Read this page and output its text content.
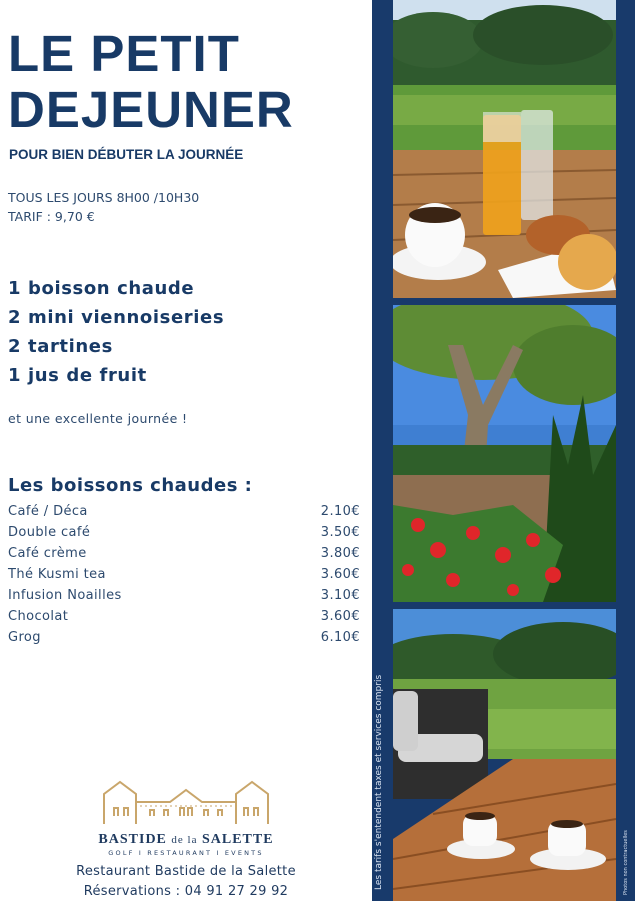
LE PETIT
DEJEUNER
POUR BIEN DÉBUTER LA JOURNÉE
TOUS LES JOURS 8H00 /10H30
TARIF : 9,70 €
1 boisson chaude
2 mini viennoiseries
2 tartines
1 jus de fruit
et une excellente journée !
Les boissons chaudes :
Café / Déca	2.10€
Double café	3.50€
Café crème	3.80€
Thé Kusmi tea	3.60€
Infusion Noailles	3.10€
Chocolat	3.60€
Grog	6.10€
BASTIDE de la SALETTE
GOLF I RESTAURANT I EVENTS
Restaurant Bastide de la Salette
Réservations : 04 91 27 29 92
Les tarifs s'entendent taxes et services compris	Photos non contractuelles
